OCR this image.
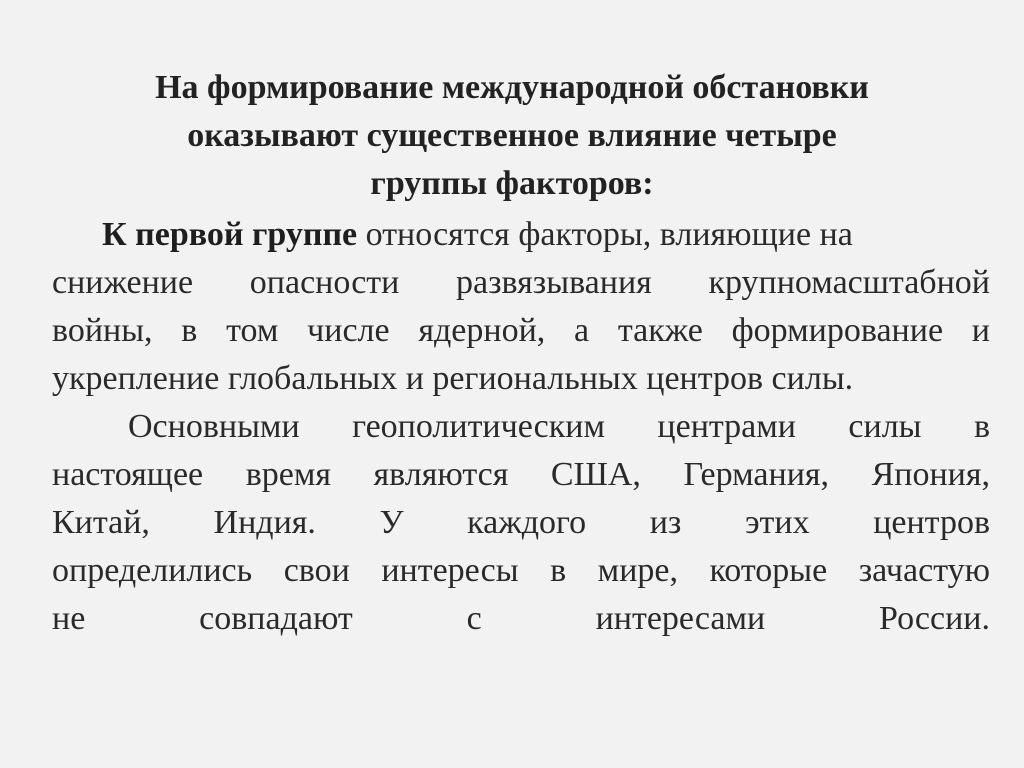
На формирование международной обстановки
оказывают существенное влияние четыре
группы факторов:
К первой группе относятся факторы, влияющие на
снижение опасности развязывания крупномасштабной
войны, в том числе ядерной, а также формирование и
укрепление глобальных и региональных центров силы.
Основными геополитическим центрами силы в
настоящее время являются США, Германия, Япония,
Китай, Индия. У каждого из этих центров
определились свои интересы в мире, которые зачастую
не совпадают с интересами России.
